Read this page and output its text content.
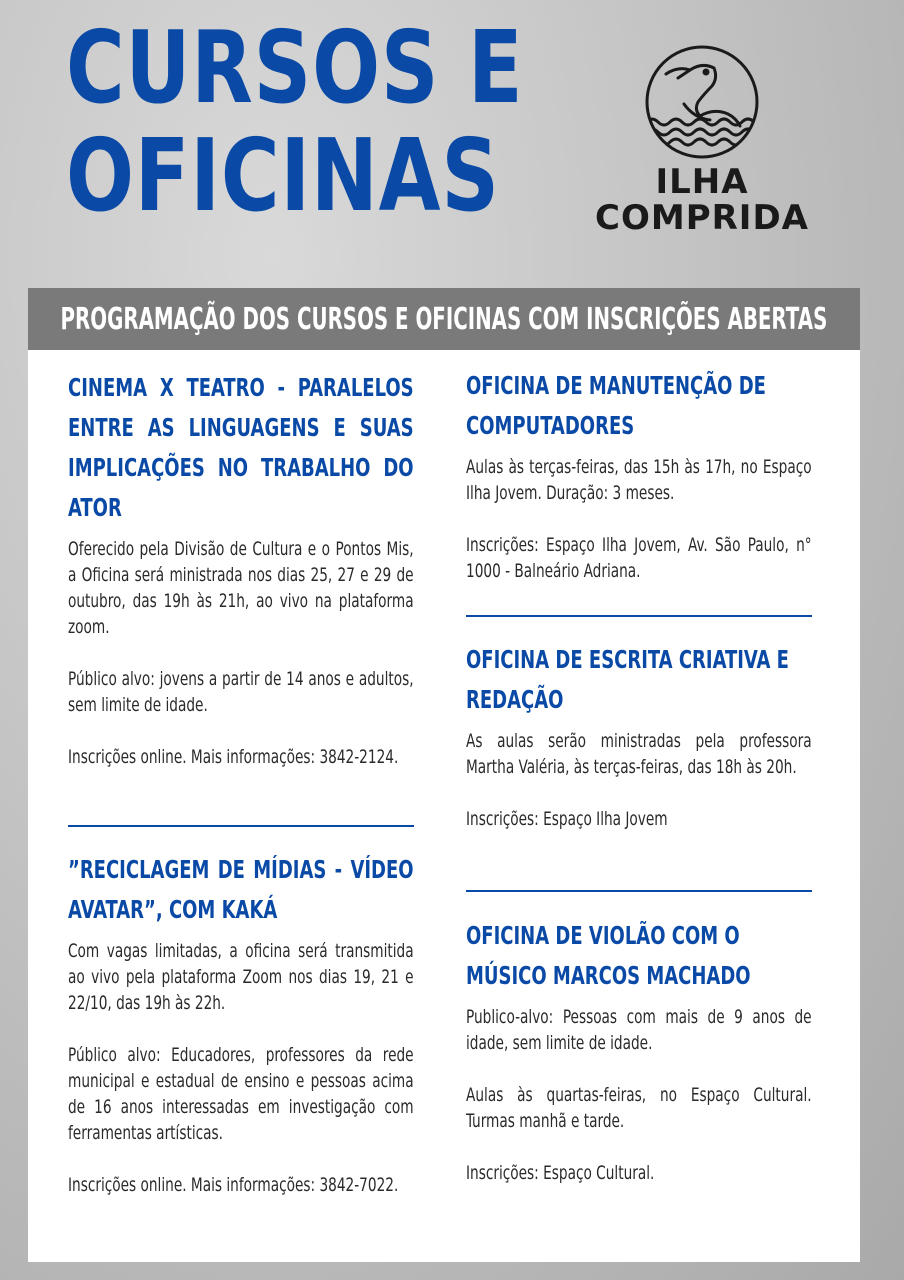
CURSOS E
OFICINAS	ILHA
COMPRIDA
PROGRAMAÇÃO DOS CURSOS E OFICINAS COM INSCRIÇÕES ABERTAS
CINEMA X TEATRO - PARALELOS ENTRE AS LINGUAGENS E SUAS IMPLICAÇÕES NO TRABALHO DO ATOR

Oferecido pela Divisão de Cultura e o Pontos Mis, a Oficina será ministrada nos dias 25, 27 e 29 de outubro, das 19h às 21h, ao vivo na plataforma zoom.

Público alvo: jovens a partir de 14 anos e adultos, sem limite de idade.

Inscrições online. Mais informações: 3842-2124.

”RECICLAGEM DE MÍDIAS - VÍDEO AVATAR”, COM KAKÁ

Com vagas limitadas, a oficina será transmitida ao vivo pela plataforma Zoom nos dias 19, 21 e 22/10, das 19h às 22h.

Público alvo: Educadores, professores da rede municipal e estadual de ensino e pessoas acima de 16 anos interessadas em investigação com ferramentas artísticas.

Inscrições online. Mais informações: 3842-7022.

OFICINA DE MANUTENÇÃO DE COMPUTADORES

Aulas às terças-feiras, das 15h às 17h, no Espaço Ilha Jovem. Duração: 3 meses.

Inscrições: Espaço Ilha Jovem, Av. São Paulo, n° 1000 - Balneário Adriana.

OFICINA DE ESCRITA CRIATIVA E REDAÇÃO

As aulas serão ministradas pela professora Martha Valéria, às terças-feiras, das 18h às 20h.

Inscrições: Espaço Ilha Jovem

OFICINA DE VIOLÃO COM O MÚSICO MARCOS MACHADO

Publico-alvo: Pessoas com mais de 9 anos de idade, sem limite de idade.

Aulas às quartas-feiras, no Espaço Cultural. Turmas manhã e tarde.

Inscrições: Espaço Cultural.
